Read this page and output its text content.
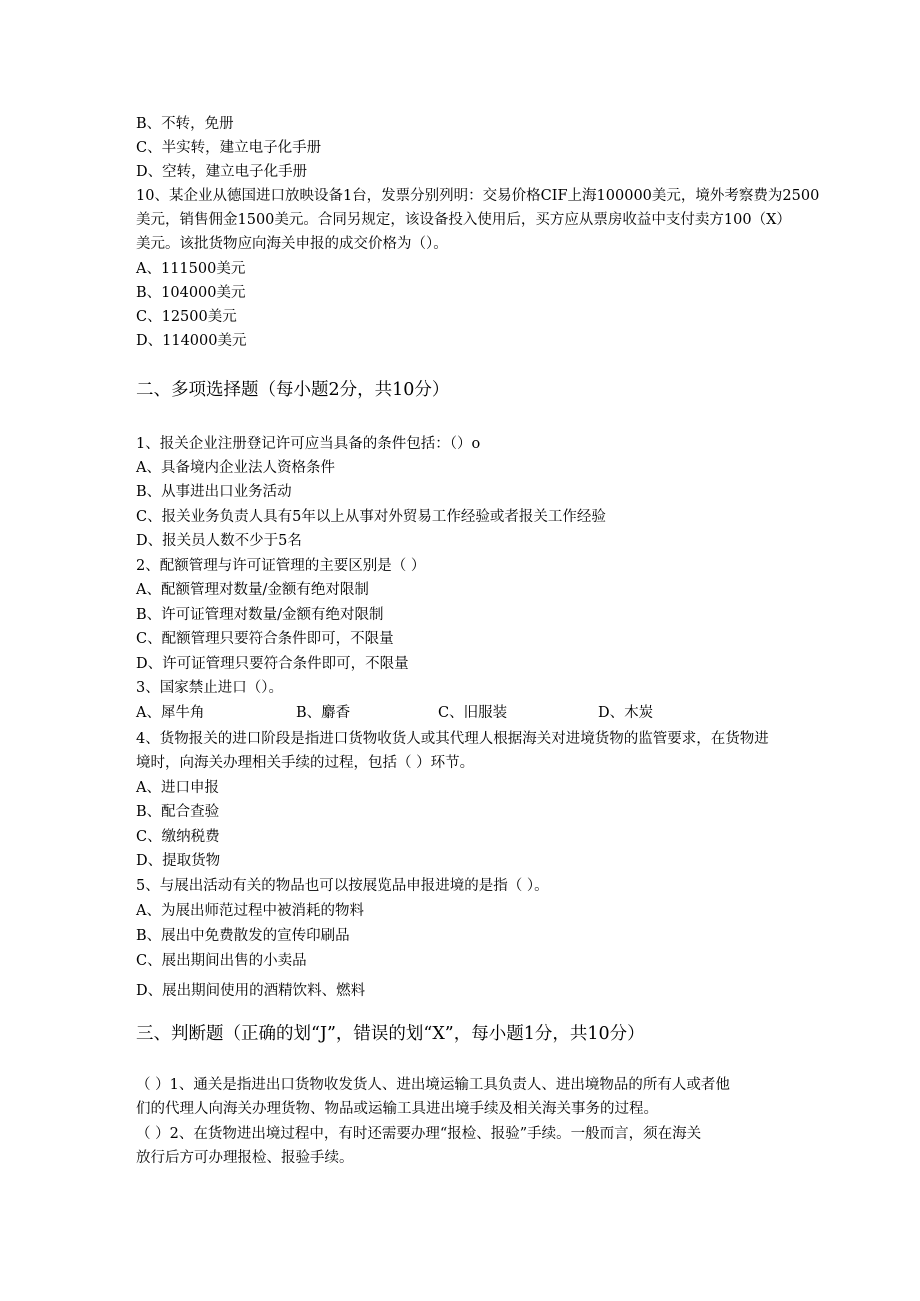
B、不转，免册
C、半实转，建立电子化手册
D、空转，建立电子化手册
10、某企业从德国进口放映设备1台，发票分别列明：交易价格CIF上海100000美元，境外考察费为2500
美元，销售佣金1500美元。合同另规定，该设备投入使用后，买方应从票房收益中支付卖方100（X）
美元。该批货物应向海关申报的成交价格为（）。
A、111500美元
B、104000美元
C、12500美元
D、114000美元
二、多项选择题（每小题2分，共10分）
1、报关企业注册登记许可应当具备的条件包括：（）o
A、具备境内企业法人资格条件
B、从事进出口业务活动
C、报关业务负责人具有5年以上从事对外贸易工作经验或者报关工作经验
D、报关员人数不少于5名
2、配额管理与许可证管理的主要区别是（ ）
A、配额管理对数量/金额有绝对限制
B、许可证管理对数量/金额有绝对限制
C、配额管理只要符合条件即可，不限量
D、许可证管理只要符合条件即可，不限量
3、国家禁止进口（）。
A、犀牛角	B、麝香	C、旧服装	D、木炭
4、货物报关的进口阶段是指进口货物收货人或其代理人根据海关对进境货物的监管要求，在货物进
境时，向海关办理相关手续的过程，包括（ ）环节。
A、进口申报
B、配合查验
C、缴纳税费
D、提取货物
5、与展出活动有关的物品也可以按展览品申报进境的是指（ ）。
A、为展出师范过程中被消耗的物料
B、展出中免费散发的宣传印刷品
C、展出期间出售的小卖品
D、展出期间使用的酒精饮料、燃料
三、判断题（正确的划“J”，错误的划“X”，每小题1分，共10分）
（ ）1、通关是指进出口货物收发货人、进出境运输工具负责人、进出境物品的所有人或者他
们的代理人向海关办理货物、物品或运输工具进出境手续及相关海关事务的过程。
（ ）2、在货物进出境过程中，有时还需要办理“报检、报验”手续。一般而言，须在海关
放行后方可办理报检、报验手续。
